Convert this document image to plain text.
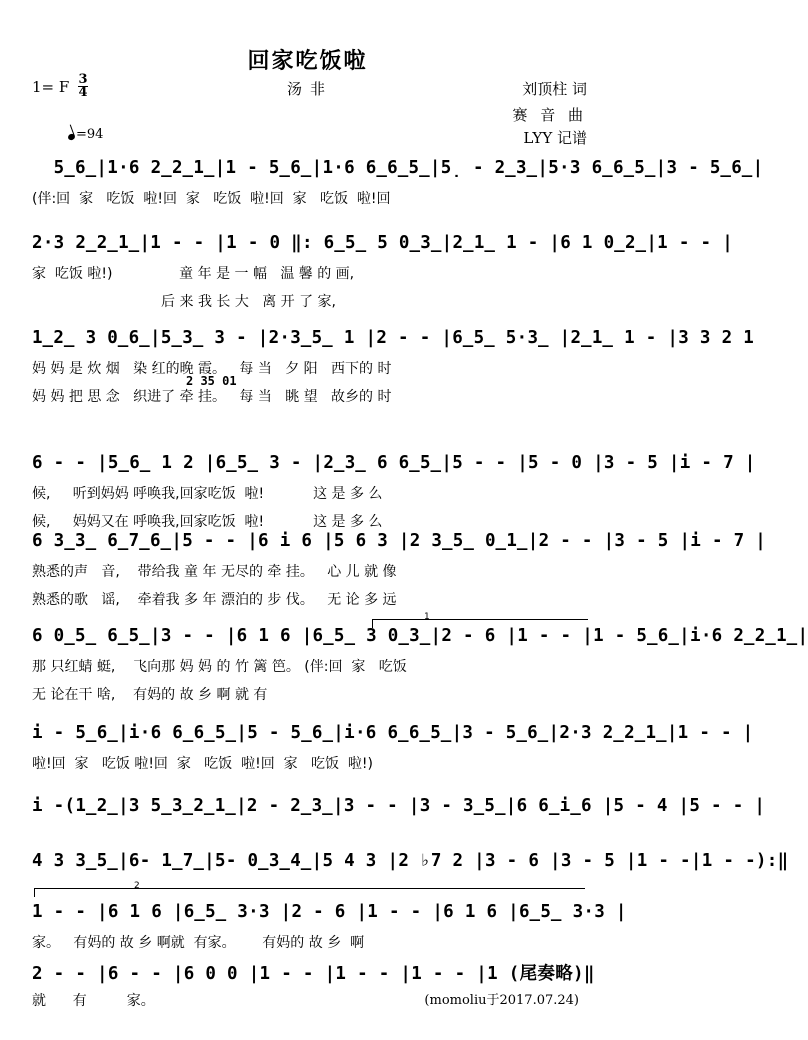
回家吃饭啦
1= F 3
4	汤非	刘顶柱 词
赛 音 曲
LYY 记谱
=94
5̲6̲|1·6 2̲2̲1̲|1 - 5̲6̲|1·6 6̲6̲5̲|5̣ - 2̲3̲|5·3 6̲6̲5̲|3 - 5̲6̲|
(伴:回  家   吃饭  啦!回  家   吃饭  啦!回  家   吃饭  啦!回
2·3 2̲2̲1̲|1 - - |1 - 0 ‖: 6̲5̲ 5 0̲3̲|2̲1̲ 1 - |6 1 0̲2̲|1 - - |
家  吃饭 啦!)               童 年 是 一 幅   温 馨 的 画,
后 来 我 长 大   离 开 了 家,
1̲2̲ 3 0̲6̲|5̲3̲ 3 - |2·3̲5̲ 1 |2 - - |6̲5̲ 5·3̲ |2̲1̲ 1 - |3 3 2 1
妈 妈 是 炊 烟   染 红的晚 霞。   每 当   夕 阳   西下的 时
妈 妈 把 思 念   织进了 牵 挂。   每 当   眺 望   故乡的 时
6 - - |5̲6̲ 1 2 |6̲5̲ 3 - |2̲3̲ 6 6̲5̲|5 - - |5 - 0 |3 - 5 |i - 7 |
候,     听到妈妈 呼唤我,回家吃饭  啦!           这 是 多 么
候,     妈妈又在 呼唤我,回家吃饭  啦!           这 是 多 么
6 3̲3̲ 6̲7̲6̲|5 - - |6 i 6 |5 6 3 |2 3̲5̲ 0̲1̲|2 - - |3 - 5 |i - 7 |
熟悉的声   音,    带给我 童 年 无尽的 牵 挂。   心 儿 就 像
熟悉的歌   谣,    牵着我 多 年 漂泊的 步 伐。   无 论 多 远
6 0̲5̲ 6̲5̲|3 - - |6 1 6 |6̲5̲ 3 0̲3̲|2 - 6 |1 - - |1 - 5̲6̲|i·6 2̲2̲1̲|
那 只红蜻 蜓,    飞向那 妈 妈 的 竹 篱 笆。 (伴:回  家   吃饭
无 论在干 啥,    有妈的 故 乡 啊 就 有
i - 5̲6̲|i·6 6̲6̲5̲|5 - 5̲6̲|i·6 6̲6̲5̲|3 - 5̲6̲|2·3 2̲2̲1̲|1 - - |
啦!回  家   吃饭 啦!回  家   吃饭  啦!回  家   吃饭  啦!)
i -(1̲2̲|3 5̲3̲2̲1̲|2 - 2̲3̲|3 - - |3 - 3̲5̲|6 6̲i̲6 |5 - 4 |5 - - |
4 3 3̲5̲|6- 1̲7̲|5- 0̲3̲4̲|5 4 3 |2 ♭7 2 |3 - 6 |3 - 5 |1 - -|1 - -):‖
1 - - |6 1 6 |6̲5̲ 3·3 |2 - 6 |1 - - |6 1 6 |6̲5̲ 3·3 |
家。   有妈的 故 乡 啊就  有家。      有妈的 故 乡  啊
2 - - |6 - - |6 0 0 |1 - - |1 - - |1 - - |1 (尾奏略)‖
就      有         家。
2 35 01
1
2
(momoliu于2017.07.24)
